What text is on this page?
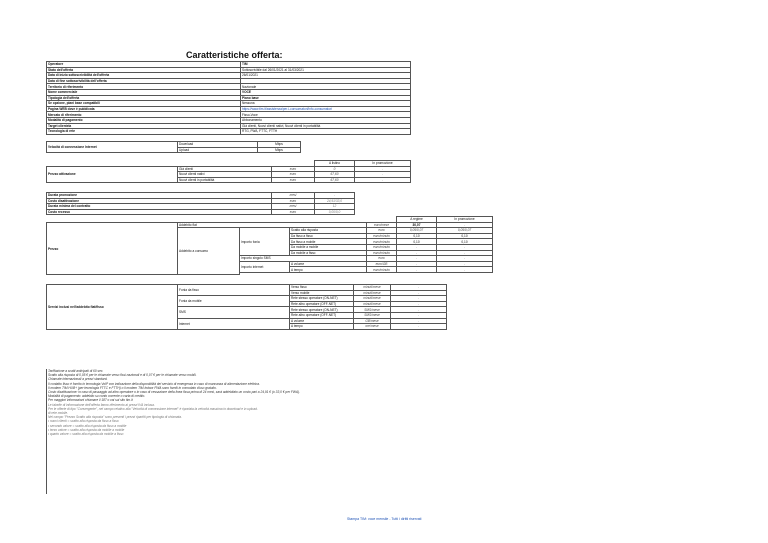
Caratteristiche offerta:
Operatore	TIM
Stato dell'offerta	Sottoscrivibile dal 26/01/2021 al 31/03/2021
Data di inizio sottoscrivibilità dell'offerta	26/01/2021
Data di fine sottoscrivibilità dell'offerta	
Territorio di riferimento	Nazionale
Nome commerciale	VOCE
Tipologia dell'offerta	Piano base
Se opzione, piani base compatibili	Nessuna
Pagina WEB dove è pubblicata	https://www.tim.it/assistenza/per-i-consumatori/info-consumatori
Mercato di riferimento	Fisso-Voce
Modalità di pagamento	Abbonamento
Target clientela	Già clienti, Nuovi clienti nativi, Nuovi clienti in portabilità
Tecnologia di rete	RTG, FWA, FTTC, FTTH
Velocità di connessione Internet	Download	Mbps
	Upload	Mbps
			A listino	In promozione
Prezzo attivazione	Già clienti	euro	0	-
	Nuovi clienti nativi	euro	67,60	-
	Nuovi clienti in portabilità	euro	67,60	-
Durata promozione	mesi	-
Costo disattivazione	euro	24,91/33,0
Durata minima del contratto	mesi	12
Costo recesso	euro	0,00/0,0
					A regime	In promozione
Prezzo	Addebito flat			euro/mese	30,07	-
	Addebito a consumo	Importo fonia	Scatto alla risposta	euro	0,05/0,07	0,05/0,07
			Da fisso a fisso	euro/minuto	0,10	0,10
			Da fisso a mobile	euro/minuto	0,10	0,10
			Da mobile a mobile	euro/minuto	-	-
			Da mobile a fisso	euro/minuto	-	-
		Importo singolo SMS		euro	-	-
		Importo internet	A volume	euro/GB	-	-
			A tempo	euro/minuto	-	-

Servizi inclusi nell'addebito flat/fisso	Fonia da fisso	Verso fisso	minuti/mese	-
		Verso mobile	minuti/mese	-
	Fonia da mobile	Rete stesso operatore (ON-NET)	minuti/mese	-
		Rete altro operatore (OFF-NET)	minuti/mese	-
	SMS	Rete stesso operatore (ON-NET)	SMS/mese	-
		Rete altro operatore (OFF-NET)	SMS/mese	-
	Internet	A volume	GB/mese	-
		A tempo	ore/mese	-
Tariffazione a scatti anticipati di 60 sec.
Scatto alla risposta di 0,05 € per le chiamate verso fissi nazionali e di 0,07 € per le chiamate verso mobili.
Chiamate internazionali a prezzi standard.
Il contatto fisso è fornito in tecnologia VoIP con indicazione della disponibilità del servizio di emergenza in caso di mancanza di alimentazione elettrica.
Il modem TIM HUB+ (per tecnologia FTTC e FTTH) o il modem TIM Indoor FWA sono forniti in comodato d'uso gratuito.
Costo disattivazione: in caso di passaggio ad altro operatore o in caso di cessazione della linea fissa prima di 24 mesi, sarà addebitato un costo pari a 24,91 € (o 33,0 € per FWA).
Modalità di pagamento: addebito su conto corrente o carta di credito.
Per maggiori informazioni chiamare il 187 o vai sul sito tim.it
Le tabelle di informazione dell'offerta fanno riferimento ai prezzi IVA inclusa.
Per le offerte di tipo "Convergente", nel campo relativo alla "Velocità di connessione internet" è riportata la velocità massima in download e in upload.
di rete mobile.
Nel campo "Prezzo Scatto alla risposta" sono presenti i prezzi ripartiti per tipologia di chiamata.
• nuovi clienti = scatto alla risposta da fisso a fisso
• secondo valore = scatto alla risposta da fisso a mobile
• terzo valore = scatto alla risposta da mobile a mobile
• quarto valore = scatto alla risposta da mobile a fisso
Stampa TIM: voce mensile - Tutti i diritti riservati
